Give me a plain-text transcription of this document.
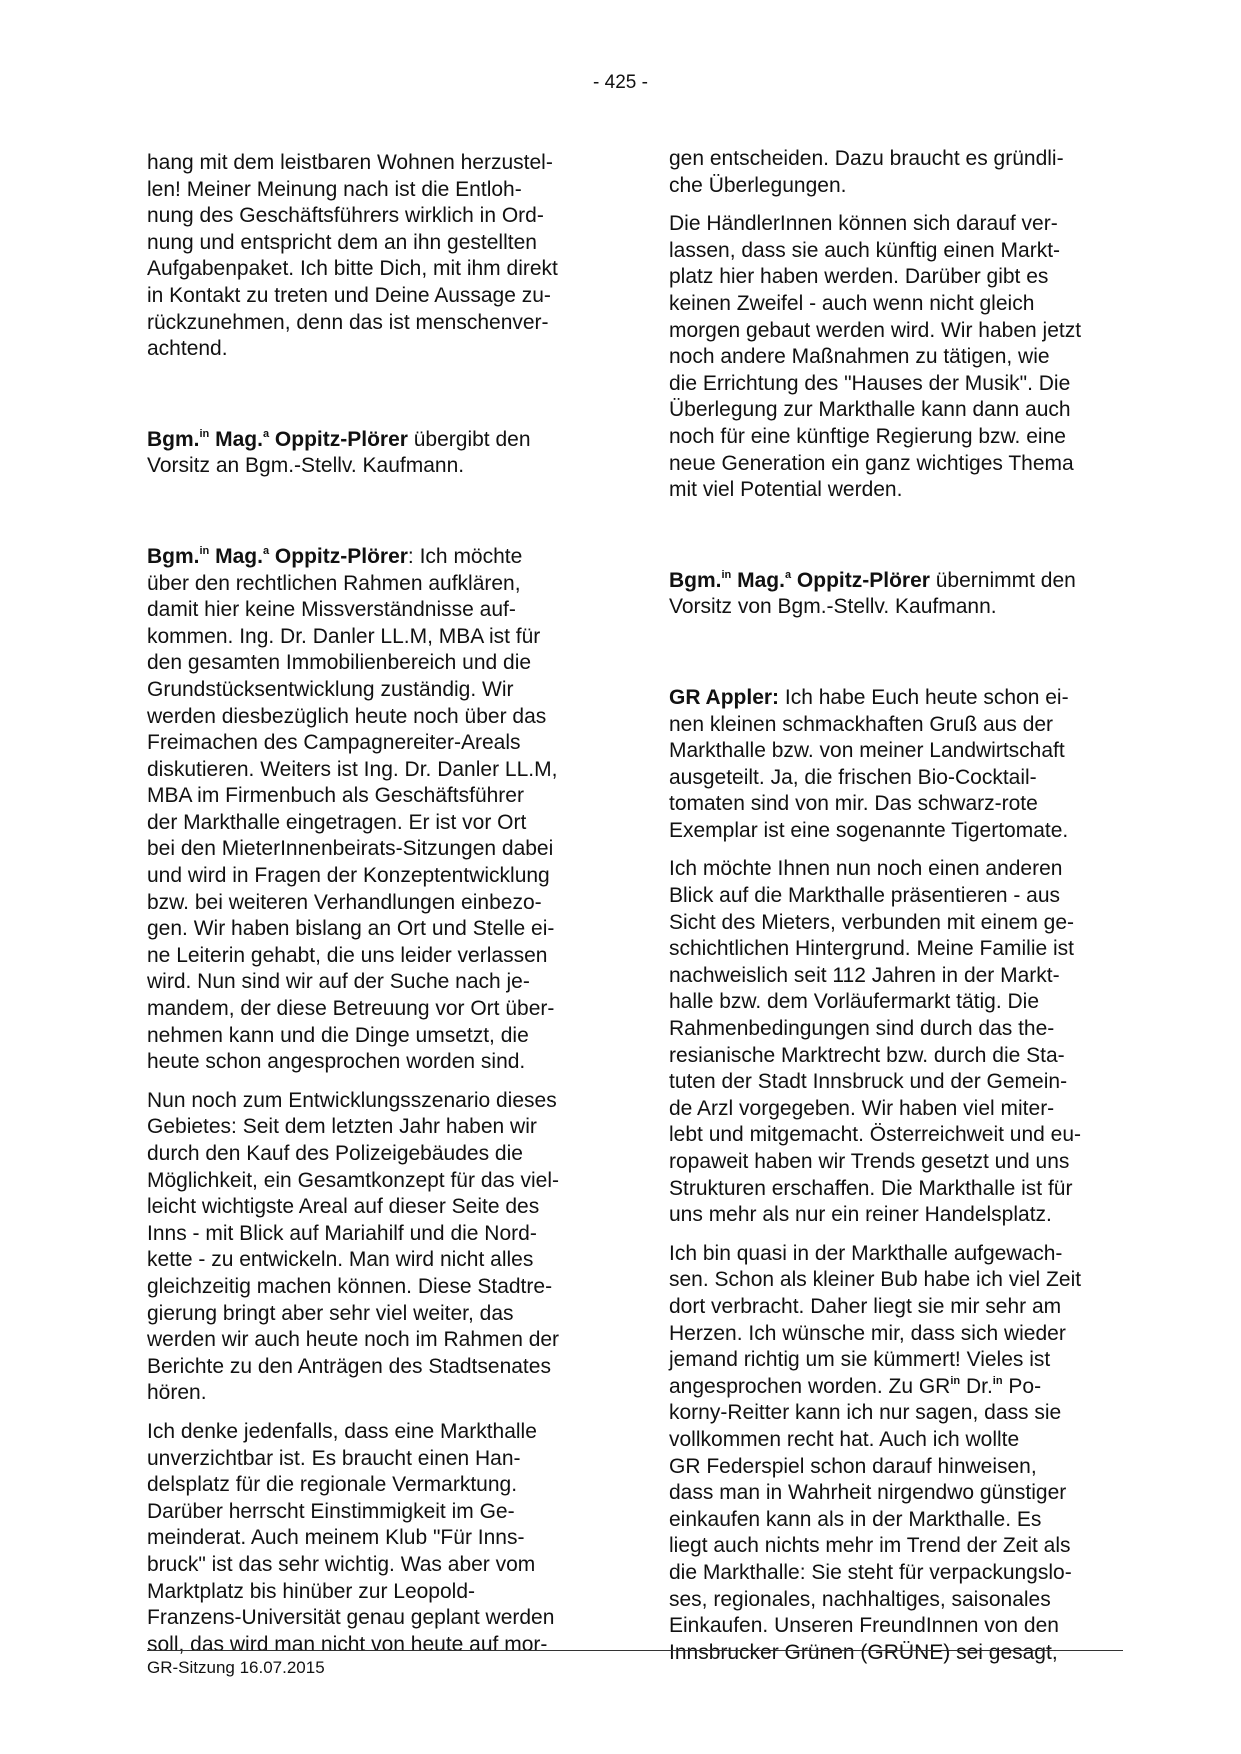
- 425 -

hang mit dem leistbaren Wohnen herzustel-
len! Meiner Meinung nach ist die Entloh-
nung des Geschäftsführers wirklich in Ord-
nung und entspricht dem an ihn gestellten
Aufgabenpaket. Ich bitte Dich, mit ihm direkt
in Kontakt zu treten und Deine Aussage zu-
rückzunehmen, denn das ist menschenver-
achtend.

Bgm.$^{in}$ Mag.$^a$ Oppitz-Plörer übergibt den
Vorsitz an Bgm.-Stellv. Kaufmann.

Bgm.$^{in}$ Mag.$^a$ Oppitz-Plörer: Ich möchte
über den rechtlichen Rahmen aufklären,
damit hier keine Missverständnisse auf-
kommen. Ing. Dr. Danler LL.M, MBA ist für
den gesamten Immobilienbereich und die
Grundstücksentwicklung zuständig. Wir
werden diesbezüglich heute noch über das
Freimachen des Campagnereiter-Areals
diskutieren. Weiters ist Ing. Dr. Danler LL.M,
MBA im Firmenbuch als Geschäftsführer
der Markthalle eingetragen. Er ist vor Ort
bei den MieterInnenbeirats-Sitzungen dabei
und wird in Fragen der Konzeptentwicklung
bzw. bei weiteren Verhandlungen einbezo-
gen. Wir haben bislang an Ort und Stelle ei-
ne Leiterin gehabt, die uns leider verlassen
wird. Nun sind wir auf der Suche nach je-
mandem, der diese Betreuung vor Ort über-
nehmen kann und die Dinge umsetzt, die
heute schon angesprochen worden sind.

Nun noch zum Entwicklungsszenario dieses
Gebietes: Seit dem letzten Jahr haben wir
durch den Kauf des Polizeigebäudes die
Möglichkeit, ein Gesamtkonzept für das viel-
leicht wichtigste Areal auf dieser Seite des
Inns - mit Blick auf Mariahilf und die Nord-
kette - zu entwickeln. Man wird nicht alles
gleichzeitig machen können. Diese Stadtre-
gierung bringt aber sehr viel weiter, das
werden wir auch heute noch im Rahmen der
Berichte zu den Anträgen des Stadtsenates
hören.

Ich denke jedenfalls, dass eine Markthalle
unverzichtbar ist. Es braucht einen Han-
delsplatz für die regionale Vermarktung.
Darüber herrscht Einstimmigkeit im Ge-
meinderat. Auch meinem Klub "Für Inns-
bruck" ist das sehr wichtig. Was aber vom
Marktplatz bis hinüber zur Leopold-
Franzens-Universität genau geplant werden
soll, das wird man nicht von heute auf mor-

gen entscheiden. Dazu braucht es gründli-
che Überlegungen.

Die HändlerInnen können sich darauf ver-
lassen, dass sie auch künftig einen Markt-
platz hier haben werden. Darüber gibt es
keinen Zweifel - auch wenn nicht gleich
morgen gebaut werden wird. Wir haben jetzt
noch andere Maßnahmen zu tätigen, wie
die Errichtung des "Hauses der Musik". Die
Überlegung zur Markthalle kann dann auch
noch für eine künftige Regierung bzw. eine
neue Generation ein ganz wichtiges Thema
mit viel Potential werden.

Bgm.$^{in}$ Mag.$^a$ Oppitz-Plörer übernimmt den
Vorsitz von Bgm.-Stellv. Kaufmann.

GR Appler: Ich habe Euch heute schon ei-
nen kleinen schmackhaften Gruß aus der
Markthalle bzw. von meiner Landwirtschaft
ausgeteilt. Ja, die frischen Bio-Cocktail-
tomaten sind von mir. Das schwarz-rote
Exemplar ist eine sogenannte Tigertomate.

Ich möchte Ihnen nun noch einen anderen
Blick auf die Markthalle präsentieren - aus
Sicht des Mieters, verbunden mit einem ge-
schichtlichen Hintergrund. Meine Familie ist
nachweislich seit 112 Jahren in der Markt-
halle bzw. dem Vorläufermarkt tätig. Die
Rahmenbedingungen sind durch das the-
resianische Marktrecht bzw. durch die Sta-
tuten der Stadt Innsbruck und der Gemein-
de Arzl vorgegeben. Wir haben viel miter-
lebt und mitgemacht. Österreichweit und eu-
ropaweit haben wir Trends gesetzt und uns
Strukturen erschaffen. Die Markthalle ist für
uns mehr als nur ein reiner Handelsplatz.

Ich bin quasi in der Markthalle aufgewach-
sen. Schon als kleiner Bub habe ich viel Zeit
dort verbracht. Daher liegt sie mir sehr am
Herzen. Ich wünsche mir, dass sich wieder
jemand richtig um sie kümmert! Vieles ist
angesprochen worden. Zu $GR^{in}$ Dr.$^{in}$ Po-
korny-Reitter kann ich nur sagen, dass sie
vollkommen recht hat. Auch ich wollte
GR Federspiel schon darauf hinweisen,
dass man in Wahrheit nirgendwo günstiger
einkaufen kann als in der Markthalle. Es
liegt auch nichts mehr im Trend der Zeit als
die Markthalle: Sie steht für verpackungslo-
ses, regionales, nachhaltiges, saisonales
Einkaufen. Unseren FreundInnen von den
Innsbrucker Grünen (GRÜNE) sei gesagt,

GR-Sitzung 16.07.2015
